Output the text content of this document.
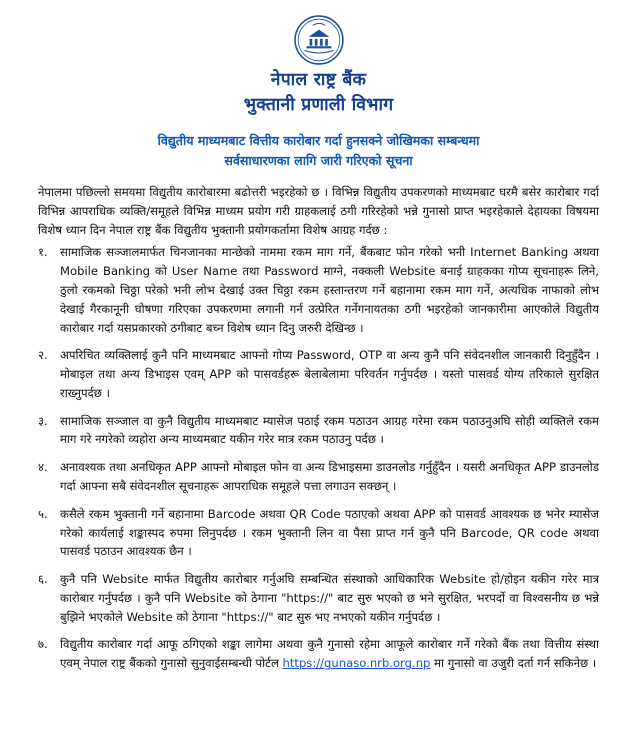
नेपाल राष्ट्र बैंक
भुक्तानी प्रणाली विभाग
विद्युतीय माध्यमबाट वित्तीय कारोबार गर्दा हुनसक्ने जोखिमका सम्बन्धमा
सर्वसाधारणका लागि जारी गरिएको सूचना

नेपालमा पछिल्लो समयमा विद्युतीय कारोबारमा बढोत्तरी भइरहेको छ । विभिन्न विद्युतीय उपकरणको माध्यमबाट घरमै बसेर कारोबार गर्दा विभिन्न आपराधिक व्यक्ति/समूहले विभिन्न माध्यम प्रयोग गरी ग्राहकलाई ठगी गरिरहेको भन्ने गुनासो प्राप्त भइरहेकाले देहायका विषयमा विशेष ध्यान दिन नेपाल राष्ट्र बैंक विद्युतीय भुक्तानी प्रयोगकर्तामा विशेष आग्रह गर्दछ :

१.	सामाजिक सञ्जालमार्फत चिनजानका मान्छेको नाममा रकम माग गर्ने, बैंकबाट फोन गरेको भनी Internet Banking अथवा Mobile Banking को User Name तथा Password माग्ने, नक्कली Website बनाई ग्राहकका गोप्य सूचनाहरू लिने, ठुलो रकमको चिठ्ठा परेको भनी लोभ देखाई उक्त चिठ्ठा रकम हस्तान्तरण गर्ने बहानामा रकम माग गर्ने, अत्यधिक नाफाको लोभ देखाई गैरकानूनी घोषणा गरिएका उपकरणमा लगानी गर्न उत्प्रेरित गर्नेगनायतका ठगी भइरहेको जानकारीमा आएकोले विद्युतीय कारोबार गर्दा यसप्रकारको ठगीबाट बच्न विशेष ध्यान दिनु जरुरी देखिन्छ ।
२.	अपरिचित व्यक्तिलाई कुनै पनि माध्यमबाट आफ्नो गोप्य Password, OTP वा अन्य कुनै पनि संवेदनशील जानकारी दिनुहुँदैन । मोबाइल तथा अन्य डिभाइस एवम् APP को पासवर्डहरू बेलाबेलामा परिवर्तन गर्नुपर्दछ । यस्तो पासवर्ड योग्य तरिकाले सुरक्षित राख्नुपर्दछ ।
३.	सामाजिक सञ्जाल वा कुनै विद्युतीय माध्यमबाट म्यासेज पठाई रकम पठाउन आग्रह गरेमा रकम पठाउनुअघि सोही व्यक्तिले रकम माग गरे नगरेको व्यहोरा अन्य माध्यमबाट यकीन गरेर मात्र रकम पठाउनु पर्दछ ।
४.	अनावश्यक तथा अनधिकृत APP आफ्नो मोबाइल फोन वा अन्य डिभाइसमा डाउनलोड गर्नुहुँदैन । यसरी अनधिकृत APP डाउनलोड गर्दा आफ्ना सबै संवेदनशील सूचनाहरू आपराधिक समूहले पत्ता लगाउन सक्छन् ।
५.	कसैले रकम भुक्तानी गर्ने बहानामा Barcode अथवा QR Code पठाएको अथवा APP को पासवर्ड आवश्यक छ भनेर म्यासेज गरेको कार्यलाई शङ्कास्पद रुपमा लिनुपर्दछ । रकम भुक्तानी लिन वा पैसा प्राप्त गर्न कुनै पनि Barcode, QR code अथवा पासवर्ड पठाउन आवश्यक छैन ।
६.	कुनै पनि Website मार्फत विद्युतीय कारोबार गर्नुअघि सम्बन्धित संस्थाको आधिकारिक Website हो‌‌‍‌‍/होइन यकीन गरेर मात्र कारोबार गर्नुपर्दछ । कुनै पनि Website को ठेगाना "https://" बाट सुरु भएको छ भने सुरक्षित, भरपर्दो वा विश्वसनीय छ भन्ने बुझिने भएकोले Website को ठेगाना "https://" बाट सुरु भए नभएको यकीन गर्नुपर्दछ ।
७.	विद्युतीय कारोबार गर्दा आफू ठगिएको शङ्का लागेमा अथवा कुनै गुनासो रहेमा आफूले कारोबार गर्ने गरेको बैंक तथा वित्तीय संस्था एवम् नेपाल राष्ट्र बैंकको गुनासो सुनुवाईसम्बन्धी पोर्टल https://gunaso.nrb.org.np मा गुनासो वा उजुरी दर्ता गर्न सकिनेछ ।
